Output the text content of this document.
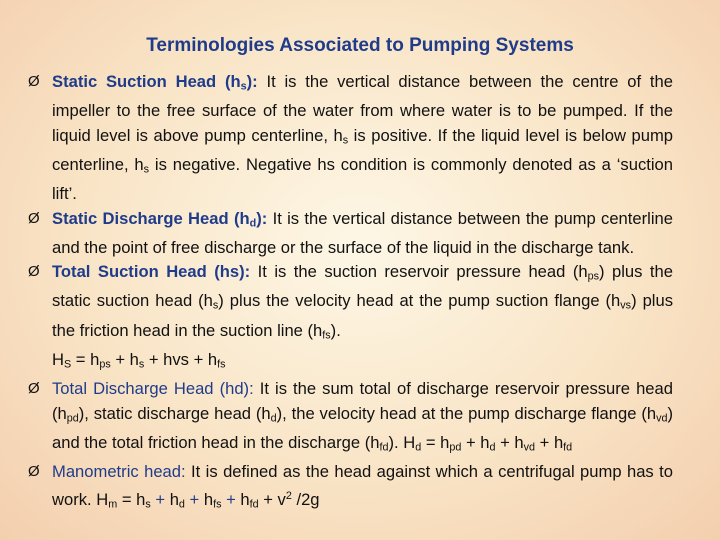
Terminologies Associated to Pumping Systems
Ø Static Suction Head $(h_s)$: It is the vertical distance between the centre of the impeller to the free surface of the water from where water is to be pumped. If the liquid level is above pump centerline, $h_s$ is positive. If the liquid level is below pump centerline, $h_s$ is negative. Negative hs condition is commonly denoted as a ‘suction lift’.
Ø Static Discharge Head $(h_d)$: It is the vertical distance between the pump centerline and the point of free discharge or the surface of the liquid in the discharge tank.
Ø Total Suction Head (hs): It is the suction reservoir pressure head $(h_{ps})$ plus the static suction head $(h_s)$ plus the velocity head at the pump suction flange $(h_{vs})$ plus the friction head in the suction line $(h_{fs})$.
$H_S = h_{ps} + h_s$ + hvs + $h_{fs}$
Ø Total Discharge Head (hd): It is the sum total of discharge reservoir pressure head $(h_{pd})$, static discharge head $(h_d)$, the velocity head at the pump discharge flange $(h_{vd})$ and the total friction head in the discharge $(h_{fd})$. $H_d = h_{pd} + h_d + h_{vd} + h_{fd}$
Ø Manometric head: It is defined as the head against which a centrifugal pump has to work. $H_m = h_s + h_d + h_{fs} + h_{fd} + v^2$ /2g
